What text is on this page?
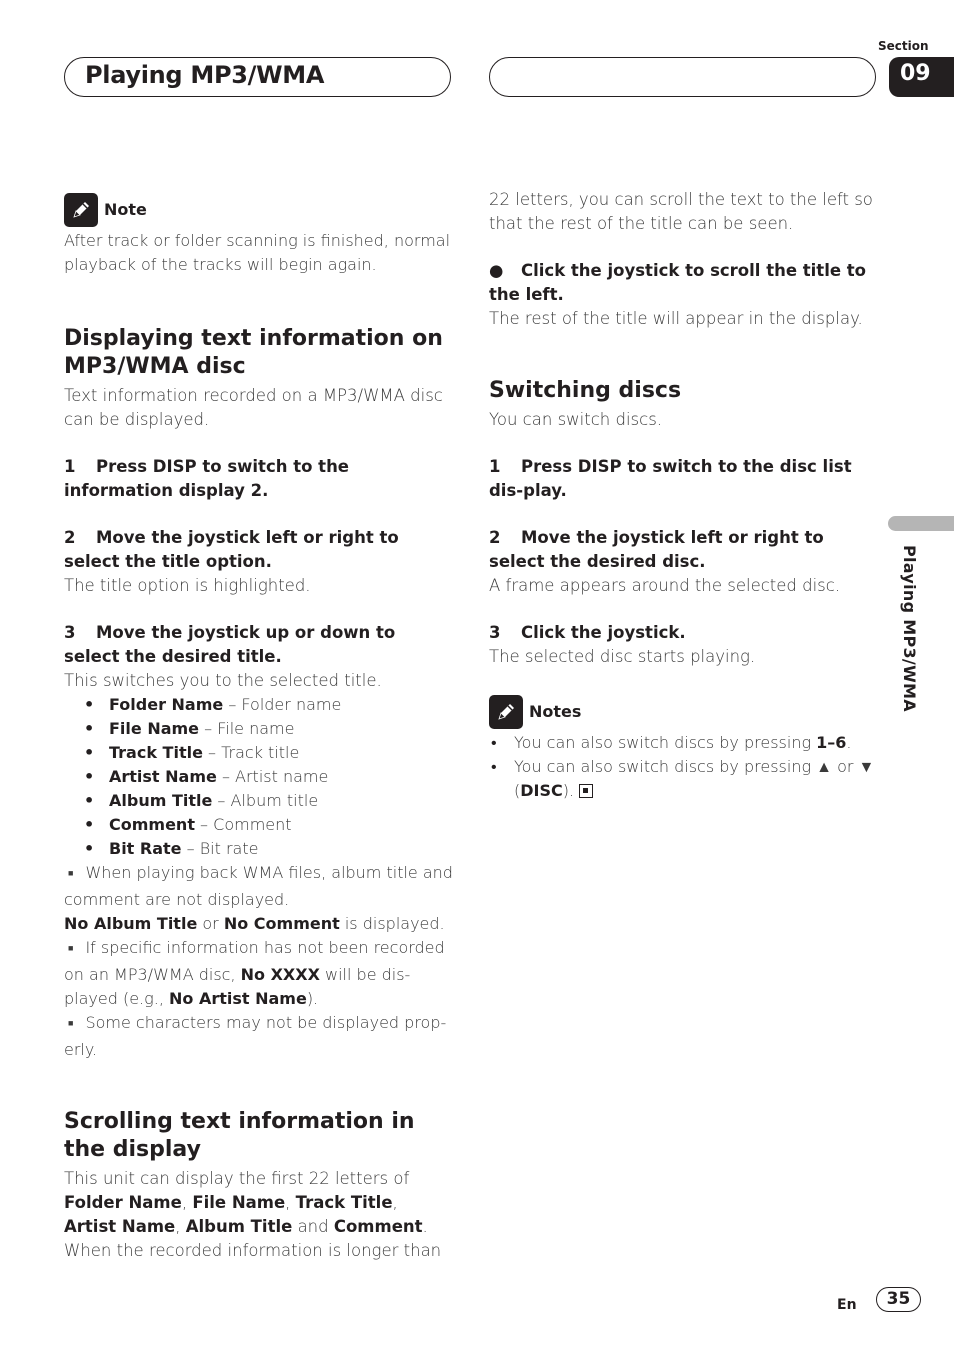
Playing MP3/WMA
Section
09
Playing MP3/WMA
Note
After track or folder scanning is finished, normal playback of the tracks will begin again.
Displaying text information on MP3/WMA disc
Text information recorded on a MP3/WMA disc can be displayed.
1 Press DISP to switch to the information display 2.
2 Move the joystick left or right to select the title option.
The title option is highlighted.
3 Move the joystick up or down to select the desired title.
This switches you to the selected title.
• Folder Name – Folder name
• File Name – File name
• Track Title – Track title
• Artist Name – Artist name
• Album Title – Album title
• Comment – Comment
• Bit Rate – Bit rate
■ When playing back WMA files, album title and comment are not displayed.
No Album Title or No Comment is displayed.
■ If specific information has not been recorded on an MP3/WMA disc, No XXXX will be dis-played (e.g., No Artist Name).
■ Some characters may not be displayed prop-erly.
Scrolling text information in the display
This unit can display the first 22 letters of
Folder Name, File Name, Track Title,
Artist Name, Album Title and Comment.
When the recorded information is longer than
22 letters, you can scroll the text to the left so that the rest of the title can be seen.
● Click the joystick to scroll the title to the left.
The rest of the title will appear in the display.
Switching discs
You can switch discs.
1 Press DISP to switch to the disc list dis-play.
2 Move the joystick left or right to select the desired disc.
A frame appears around the selected disc.
3 Click the joystick.
The selected disc starts playing.
Notes
• You can also switch discs by pressing 1–6.
• You can also switch discs by pressing ▲ or ▼ (DISC).
En	35
